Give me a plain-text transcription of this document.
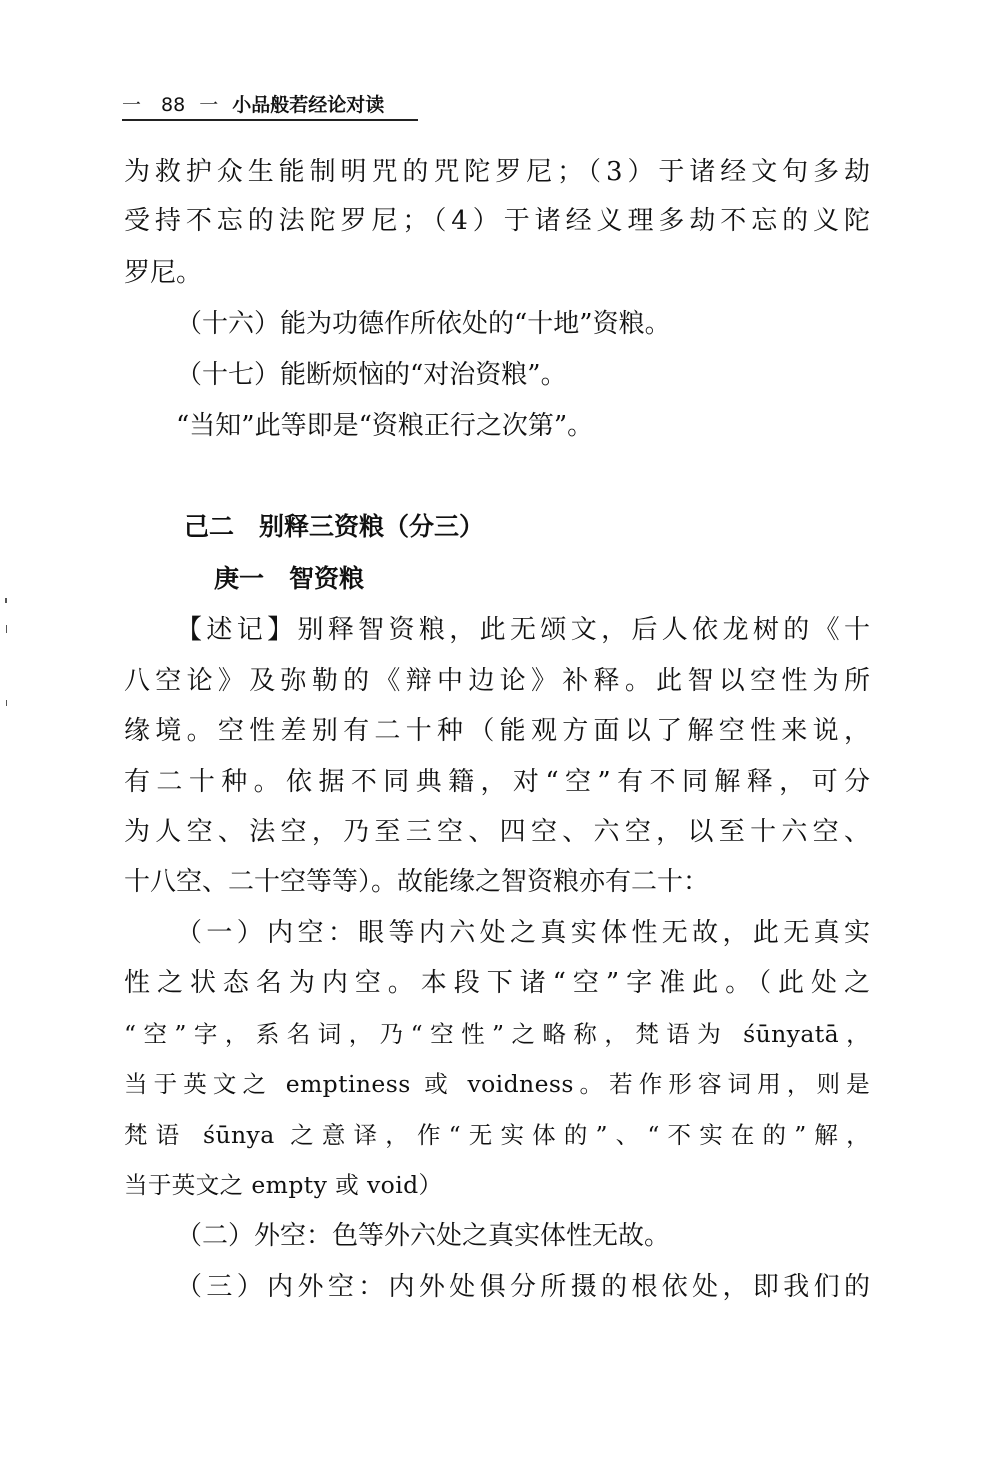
一 88 一 小品般若经论对读
为救护众生能制明咒的咒陀罗尼；（3）于诸经文句多劫
受持不忘的法陀罗尼；（4）于诸经义理多劫不忘的义陀
罗尼。
（十六）能为功德作所依处的“十地”资粮。
（十七）能断烦恼的“对治资粮”。
“当知”此等即是“资粮正行之次第”。
己二　别释三资粮（分三）
庚一　智资粮
【述记】别释智资粮，此无颂文，后人依龙树的《十
八空论》及弥勒的《辩中边论》补释。此智以空性为所
缘境。空性差别有二十种（能观方面以了解空性来说，
有二十种。依据不同典籍，对“空”有不同解释，可分
为人空、法空，乃至三空、四空、六空，以至十六空、
十八空、二十空等等）。故能缘之智资粮亦有二十：
（一）内空：眼等内六处之真实体性无故，此无真实
性之状态名为内空。本段下诸“空”字准此。（此处之
“空”字，系名词，乃“空性”之略称，梵语为 śūnyatā，
当于英文之 emptiness 或 voidness。若作形容词用，则是
梵语 śūnya 之意译，作“无实体的”、“不实在的”解，
当于英文之 empty 或 void）
（二）外空：色等外六处之真实体性无故。
（三）内外空：内外处俱分所摄的根依处，即我们的
